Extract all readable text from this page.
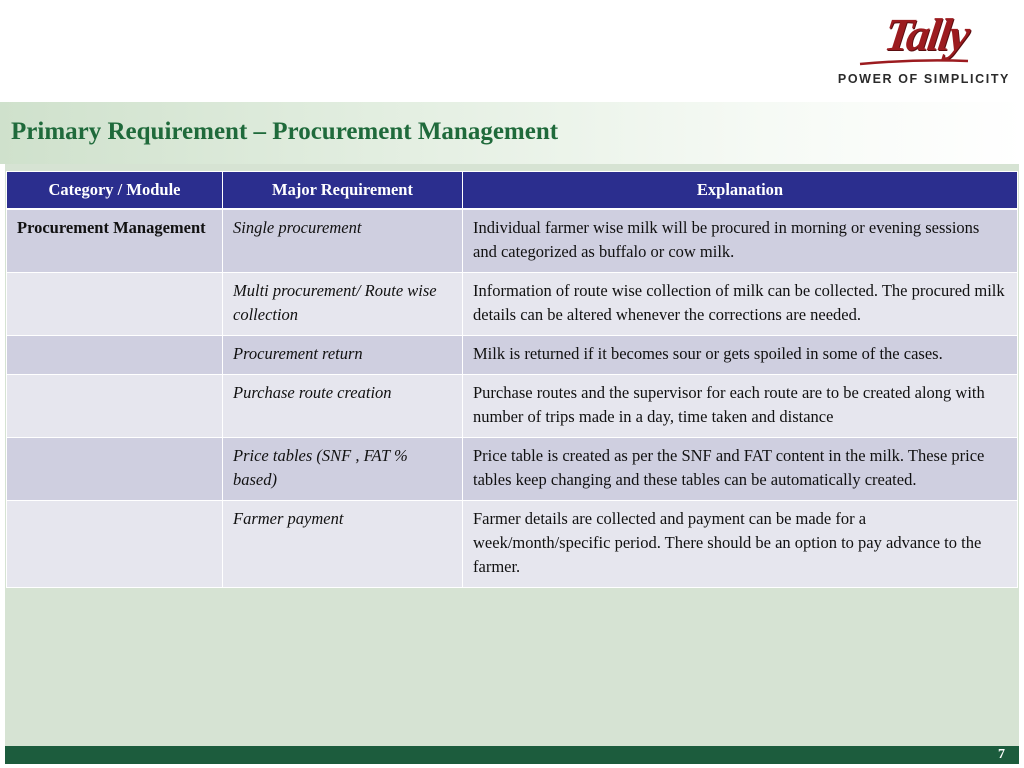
Tally
POWER OF SIMPLICITY
Primary Requirement – Procurement Management
Category / Module	Major Requirement	Explanation
Procurement Management	Single procurement	Individual farmer wise milk will be procured in morning or evening sessions and categorized as buffalo or cow milk.
	Multi procurement/ Route wise collection	Information of route wise collection of milk can be collected. The procured milk details can be altered whenever the corrections are needed.
	Procurement return	Milk is returned if it becomes sour or gets spoiled in some of the cases.
	Purchase route creation	Purchase routes and the supervisor for each route are to be created along with number of trips made in a day, time taken and distance
	Price tables (SNF , FAT % based)	Price table is created as per the SNF and FAT content in the milk. These price tables keep changing and these tables can be automatically created.
	Farmer payment	Farmer details are collected and payment can be made for a week/month/specific period. There should be an option to pay advance to the farmer.
7
